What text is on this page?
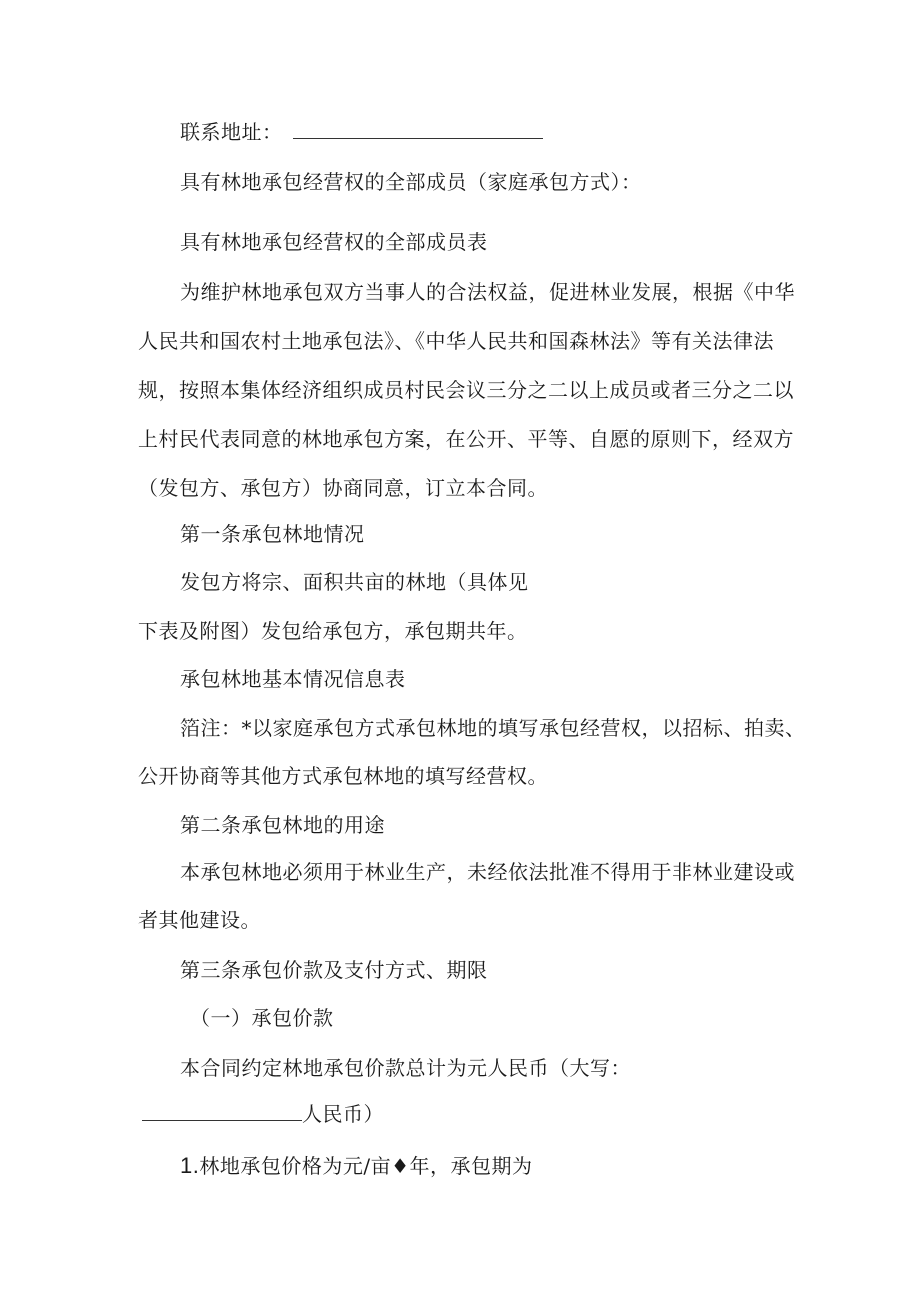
联系地址：
具有林地承包经营权的全部成员（家庭承包方式）：
具有林地承包经营权的全部成员表
为维护林地承包双方当事人的合法权益，促进林业发展，根据《中华
人民共和国农村土地承包法》、《中华人民共和国森林法》等有关法律法
规，按照本集体经济组织成员村民会议三分之二以上成员或者三分之二以
上村民代表同意的林地承包方案，在公开、平等、自愿的原则下，经双方
（发包方、承包方）协商同意，订立本合同。
第一条承包林地情况
发包方将宗、面积共亩的林地（具体见
下表及附图）发包给承包方，承包期共年。
承包林地基本情况信息表
箔注：*以家庭承包方式承包林地的填写承包经营权，以招标、拍卖、
公开协商等其他方式承包林地的填写经营权。
第二条承包林地的用途
本承包林地必须用于林业生产，未经依法批准不得用于非林业建设或
者其他建设。
第三条承包价款及支付方式、期限
（一）承包价款
本合同约定林地承包价款总计为元人民币（大写：
人民币）
1.林地承包价格为元/亩♦年，承包期为
